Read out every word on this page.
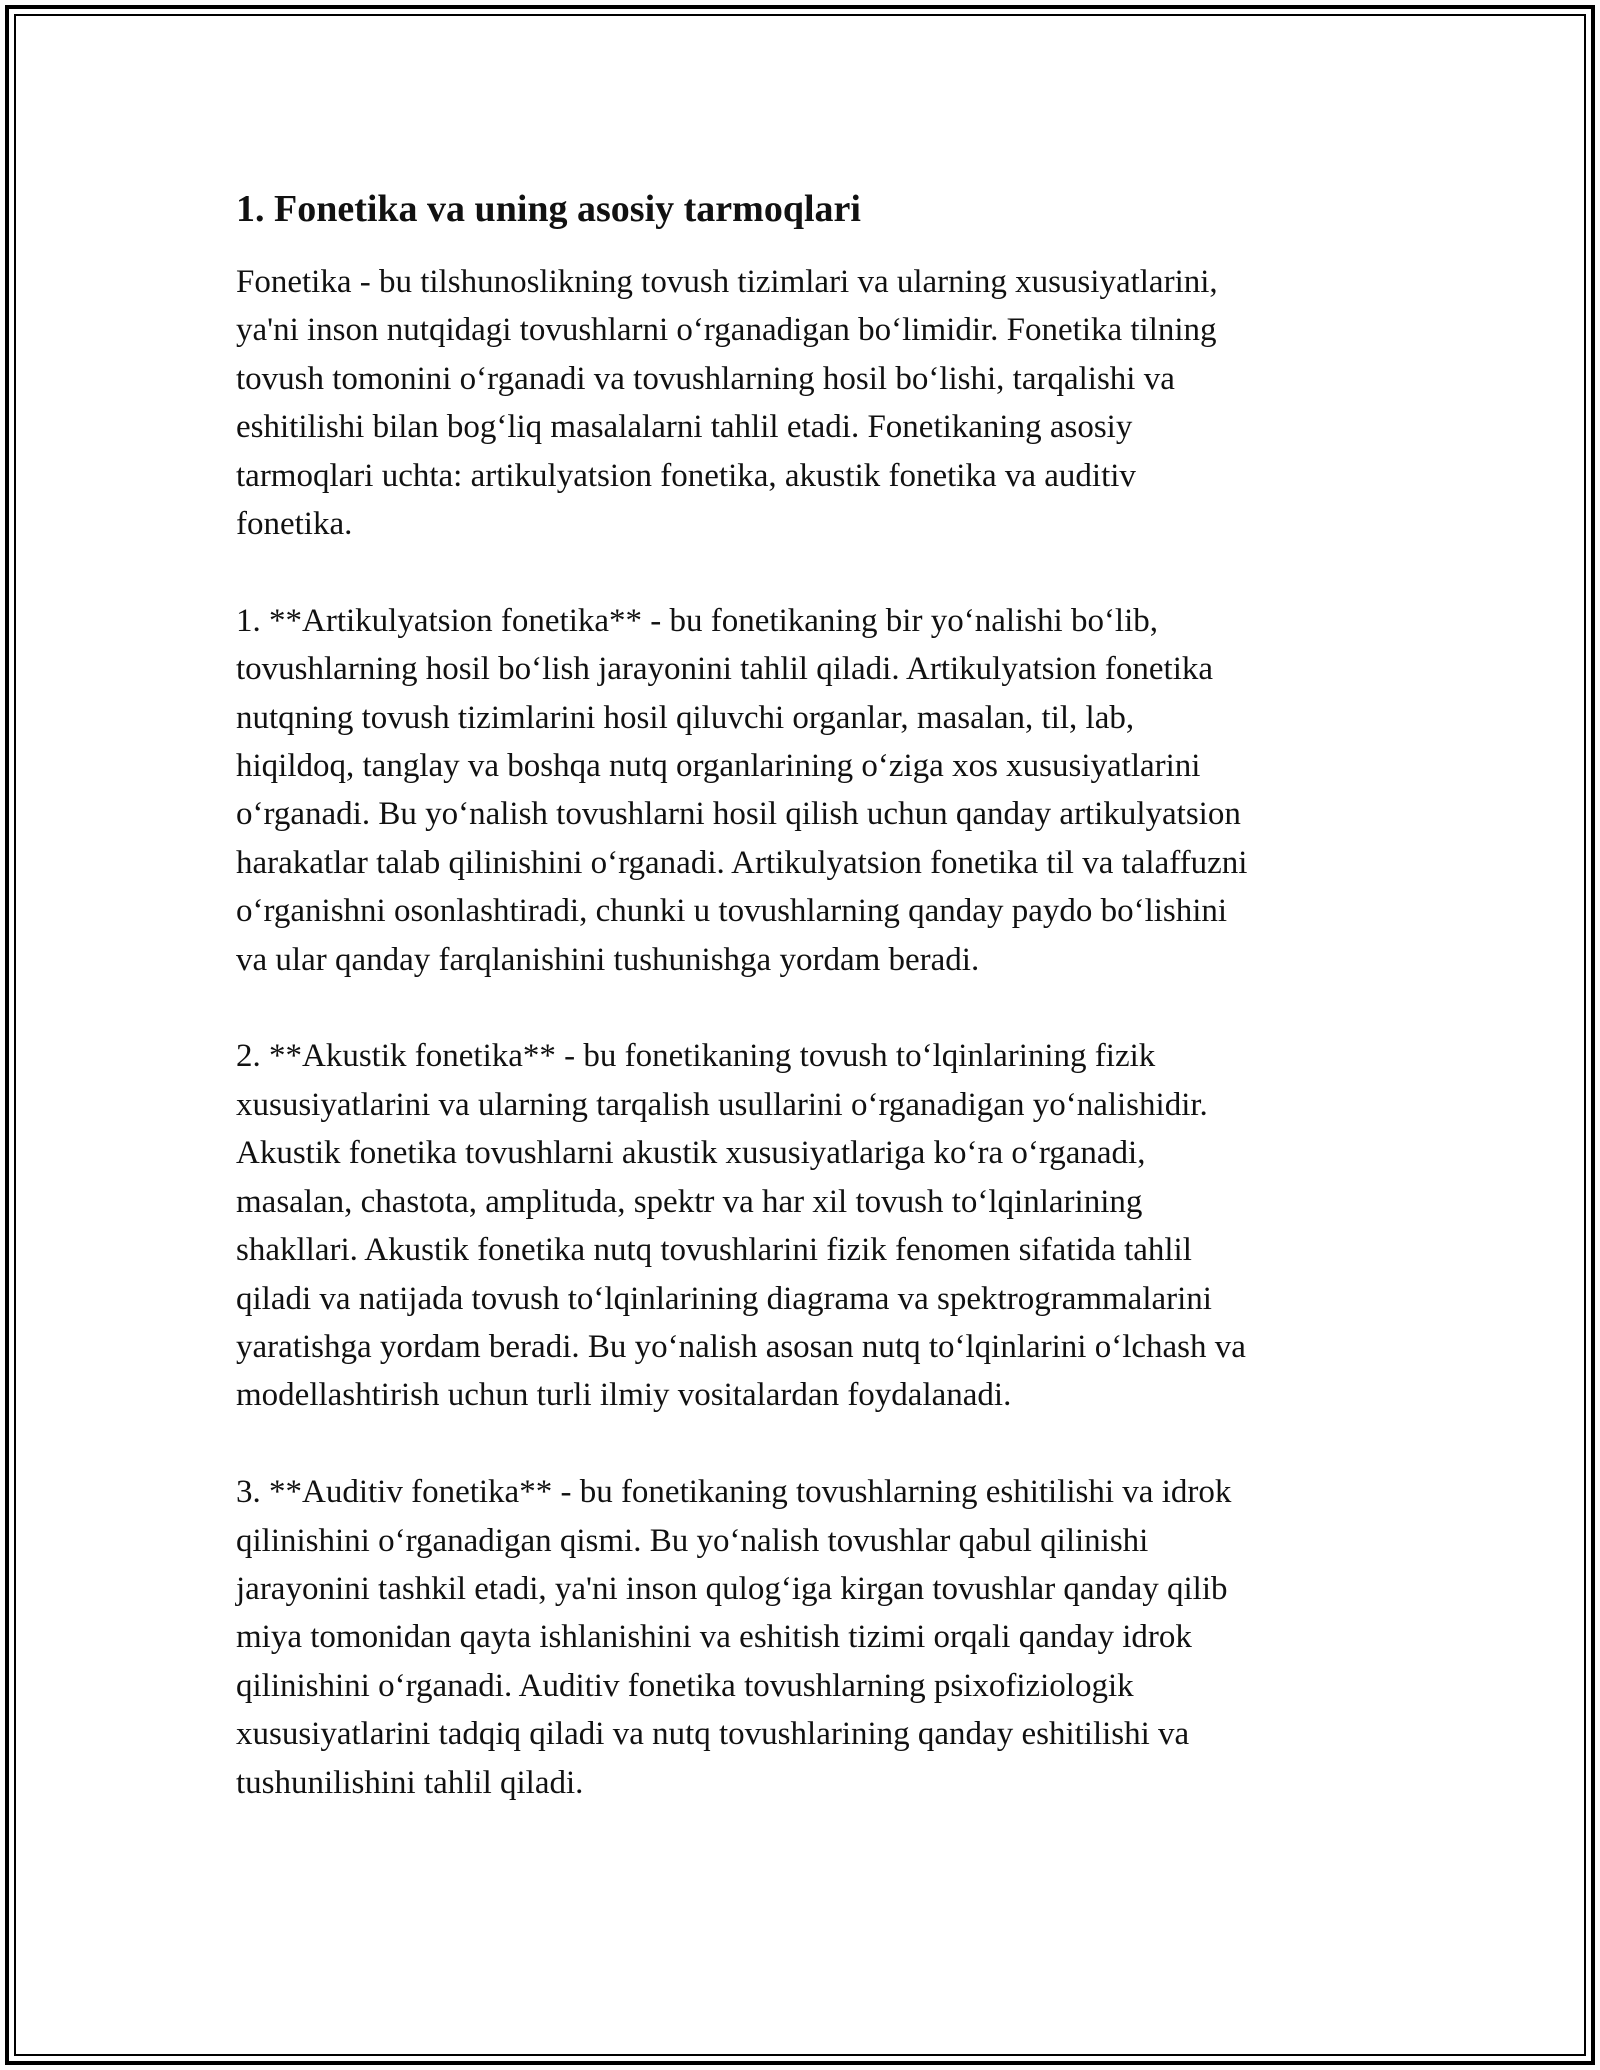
1. Fonetika va uning asosiy tarmoqlari

Fonetika - bu tilshunoslikning tovush tizimlari va ularning xususiyatlarini,
ya'ni inson nutqidagi tovushlarni o‘rganadigan bo‘limidir. Fonetika tilning
tovush tomonini o‘rganadi va tovushlarning hosil bo‘lishi, tarqalishi va
eshitilishi bilan bog‘liq masalalarni tahlil etadi. Fonetikaning asosiy
tarmoqlari uchta: artikulyatsion fonetika, akustik fonetika va auditiv
fonetika.

1. **Artikulyatsion fonetika** - bu fonetikaning bir yo‘nalishi bo‘lib,
tovushlarning hosil bo‘lish jarayonini tahlil qiladi. Artikulyatsion fonetika
nutqning tovush tizimlarini hosil qiluvchi organlar, masalan, til, lab,
hiqildoq, tanglay va boshqa nutq organlarining o‘ziga xos xususiyatlarini
o‘rganadi. Bu yo‘nalish tovushlarni hosil qilish uchun qanday artikulyatsion
harakatlar talab qilinishini o‘rganadi. Artikulyatsion fonetika til va talaffuzni
o‘rganishni osonlashtiradi, chunki u tovushlarning qanday paydo bo‘lishini
va ular qanday farqlanishini tushunishga yordam beradi.

2. **Akustik fonetika** - bu fonetikaning tovush to‘lqinlarining fizik
xususiyatlarini va ularning tarqalish usullarini o‘rganadigan yo‘nalishidir.
Akustik fonetika tovushlarni akustik xususiyatlariga ko‘ra o‘rganadi,
masalan, chastota, amplituda, spektr va har xil tovush to‘lqinlarining
shakllari. Akustik fonetika nutq tovushlarini fizik fenomen sifatida tahlil
qiladi va natijada tovush to‘lqinlarining diagrama va spektrogrammalarini
yaratishga yordam beradi. Bu yo‘nalish asosan nutq to‘lqinlarini o‘lchash va
modellashtirish uchun turli ilmiy vositalardan foydalanadi.

3. **Auditiv fonetika** - bu fonetikaning tovushlarning eshitilishi va idrok
qilinishini o‘rganadigan qismi. Bu yo‘nalish tovushlar qabul qilinishi
jarayonini tashkil etadi, ya'ni inson qulog‘iga kirgan tovushlar qanday qilib
miya tomonidan qayta ishlanishini va eshitish tizimi orqali qanday idrok
qilinishini o‘rganadi. Auditiv fonetika tovushlarning psixofiziologik
xususiyatlarini tadqiq qiladi va nutq tovushlarining qanday eshitilishi va
tushunilishini tahlil qiladi.
